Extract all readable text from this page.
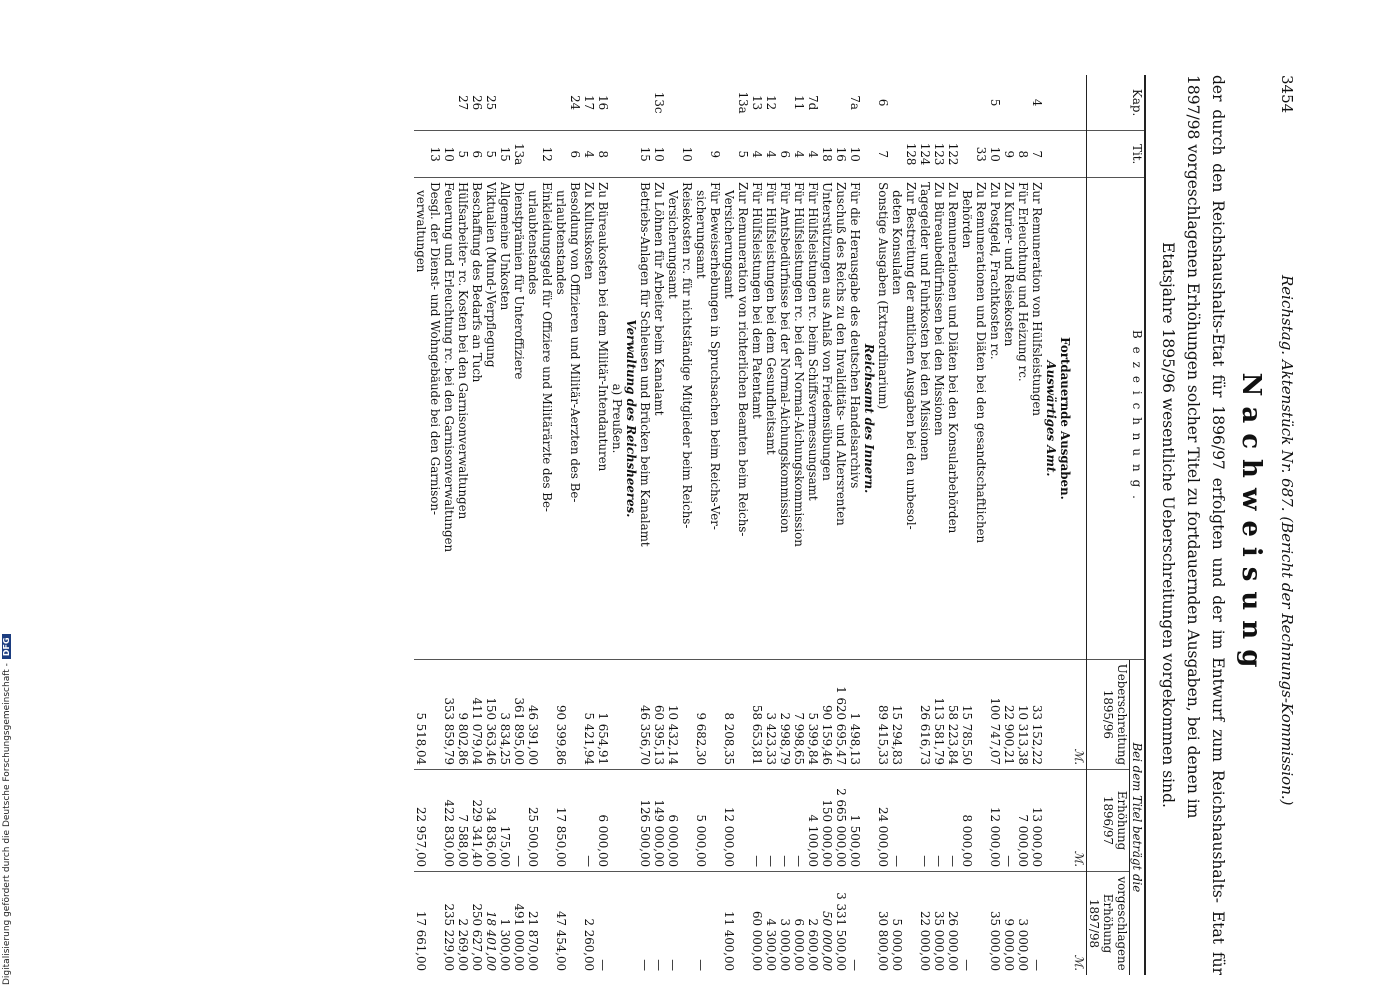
3454
Reichstag. Aktenstück Nr. 687. (Bericht der Rechnungs-Kommission.)
Nachweisung
der durch den Reichshaushalts-Etat für 1896/97 erfolgten und der im Entwurf zum Reichshaushalts- Etat für 1897/98 vorgeschlagenen Erhöhungen solcher Titel zu fortdauernden Ausgaben, bei denen im
Etatsjahre 1895/96 wesentliche Ueberschreitungen vorgekommen sind.
Kap.	Tit.	Bezeichnung.	Bei dem Titel beträgt die		
			Ueberschreitung 1895/96	Erhöhung 1896/97	vorgeschlagene Erhöhung 1897/98
			ℳ.	ℳ.	ℳ.
		Fortdauernde Ausgaben.			
		Auswärtiges Amt.			
4	7	Zur Remuneration von Hülfsleistungen	33 152,22	13 000,00	—
	8	Für Erleuchtung und Heizung rc.	10 313,38	7 000,00	3 000,00
	9	Zu Kurier- und Reisekosten	22 900,21	—	9 000,00
5	10	Zu Postgeld, Frachtkosten rc.	100 747,07	12 000,00	35 000,00
	33	Zu Remunerationen und Diäten bei den gesandtschaftlichen			
		Behörden	15 785,50	8 000,00	—
	122	Zu Remunerationen und Diäten bei den Konsularbehörden	58 223,84	—	26 000,00
	123	Zu Büreaubedürfnissen bei den Missionen	113 581,79	—	35 000,00
	124	Tagegelder und Fuhrkosten bei den Missionen	26 616,73	—	22 000,00
	128	Zur Bestreitung der amtlichen Ausgaben bei den unbesol-			
		deten Konsulaten	15 294,83	—	5 000,00
6	7	Sonstige Ausgaben (Extraordinarium)	89 415,33	24 000,00	30 800,00
		Reichsamt des Innern.			
7a	10	Für die Herausgabe des deutschen Handelsarchivs	1 498,13	1 500,00	—
	16	Zuschuß des Reichs zu den Invaliditäts- und Altersrenten	1 620 695,47	2 665 000,00	3 331 500,00
	18	Unterstützungen aus Anlaß von Friedensübungen	90 159,46	150 000,00	50 000,00
7d	4	Für Hülfsleistungen rc. beim Schiffsvermessungsamt	5 399,84	4 100,00	2 600,00
11	4	Für Hülfsleistungen rc. bei der Normal-Aichungskommission	7 998,65	—	6 000,00
	6	Für Amtsbedürfnisse bei der Normal-Aichungskommission	2 998,79	—	3 000,00
12	4	Für Hülfsleistungen bei dem Gesundheitsamt	3 423,33	—	4 300,00
13	4	Für Hülfsleistungen bei dem Patentamt	58 653,81	—	60 000,00
13a	5	Zur Remuneration von richterlichen Beamten beim Reichs-			
		Versicherungsamt	8 208,35	12 000,00	11 400,00
	9	Für Beweiserhebungen in Spruchsachen beim Reichs-Ver-			
		sicherungsamt	9 682,30	5 000,00	—
	10	Reisekosten rc. für nichtständige Mitglieder beim Reichs-			
		Versicherungsamt	10 432,14	6 000,00	—
13c	10	Zu Löhnen für Arbeiter beim Kanalamt	60 395,13	149 000,00	—
	15	Betriebs-Anlagen für Schleusen und Brücken beim Kanalamt	46 356,70	126 500,00	—
		Verwaltung des Reichsheeres.			
		a) Preußen.			
16	8	Zu Büreaukosten bei dem Militär-Intendanturen	1 654,91	6 000,00	—
17	4	Zu Kultuskosten	5 421,94	—	2 260,00
24	6	Besoldung von Offizieren und Militär-Aerzten des Be-			
		urlaubtenstandes	90 399,86	17 850,00	47 454,00
	12	Einkleidungsgeld für Offiziere und Militärärzte des Be-			
		urlaubtenstandes	46 391,00	25 500,00	21 870,00
	13a	Dienstprämien für Unteroffiziere	361 895,00	—	491 000,00
	15	Allgemeine Unkosten	3 834,25	175,00	1 300,00
25	5	Viktualien (Mund-)Verpflegung	150 363,46	34 836,00	18 401,00
26	6	Beschaffung des Bedarfs an Tuch	411 079,04	229 341,40	250 627,00
27	5	Hülfsarbeiter- rc. Kosten bei den Garnisonverwaltungen	9 802,86	7 588,00	2 269,00
	10	Feuerung und Erleuchtung rc. bei den Garnisonverwaltungen	353 859,79	422 830,00	235 229,00
	13	Desgl. der Dienst- und Wohngebäude bei den Garnison-			
		verwaltungen	5 518,04	22 957,00	17 661,00
Digitalisierung gefördert durch die Deutsche Forschungsgemeinschaft -DFG
